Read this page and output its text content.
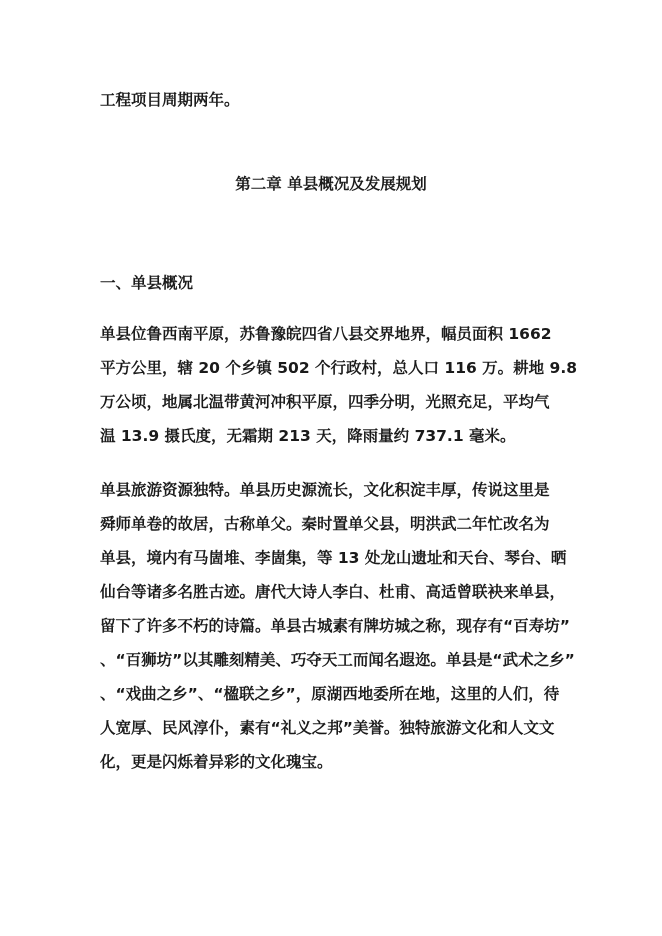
工程项目周期两年。
第二章 单县概况及发展规划
一、单县概况
单县位鲁西南平原，苏鲁豫皖四省八县交界地界，幅员面积 1662
平方公里，辖 20 个乡镇 502 个行政村，总人口 116 万。耕地 9.8
万公顷，地属北温带黄河冲积平原，四季分明，光照充足，平均气
温 13.9 摄氏度，无霜期 213 天，降雨量约 737.1 毫米。
单县旅游资源独特。单县历史源流长，文化积淀丰厚，传说这里是
舜师单卷的故居，古称单父。秦时置单父县，明洪武二年忙改名为
单县，境内有马崮堆、李崮集，等 13 处龙山遗址和天台、琴台、晒
仙台等诸多名胜古迹。唐代大诗人李白、杜甫、高适曾联袂来单县，
留下了许多不朽的诗篇。单县古城素有牌坊城之称，现存有“百寿坊”
、“百狮坊”以其雕刻精美、巧夺天工而闻名遐迩。单县是“武术之乡”
、“戏曲之乡”、“楹联之乡”，原湖西地委所在地，这里的人们，待
人宽厚、民风淳仆，素有“礼义之邦”美誉。独特旅游文化和人文文
化，更是闪烁着异彩的文化瑰宝。
